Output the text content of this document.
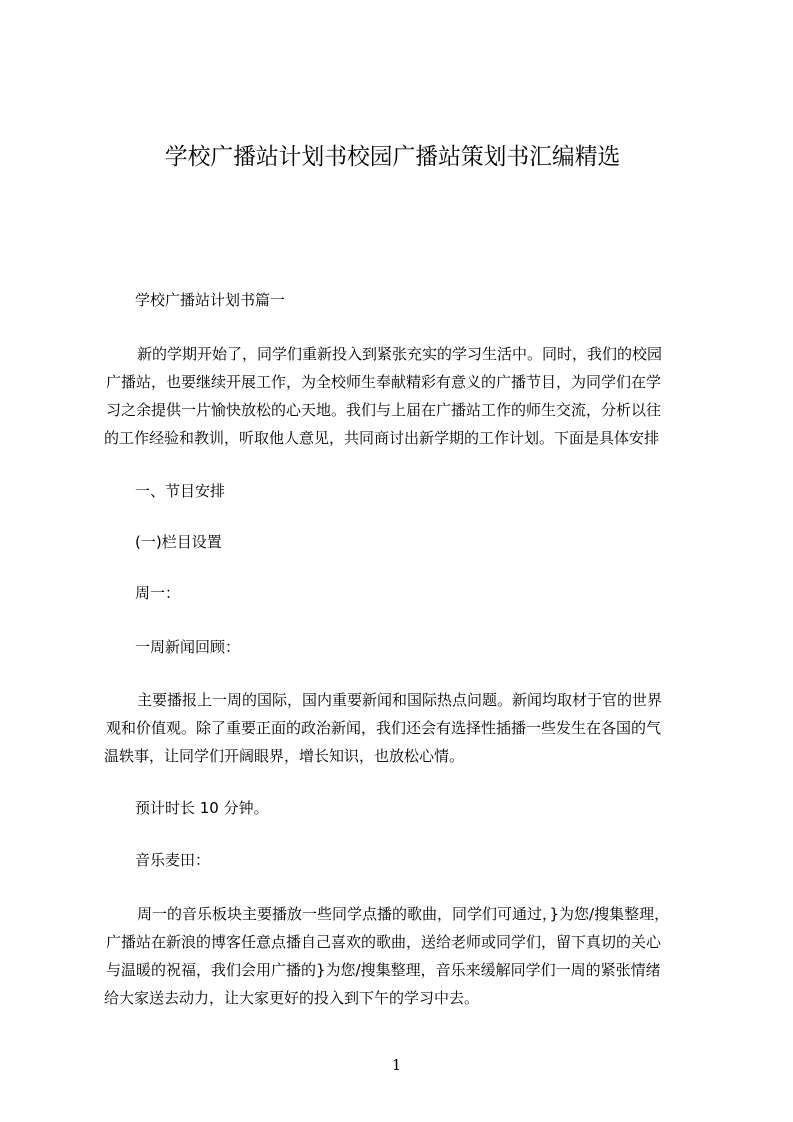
学校广播站计划书校园广播站策划书汇编精选

学校广播站计划书篇一

新的学期开始了，同学们重新投入到紧张充实的学习生活中。同时，我们的校园

广播站，也要继续开展工作，为全校师生奉献精彩有意义的广播节目，为同学们在学

习之余提供一片愉快放松的心天地。我们与上届在广播站工作的师生交流，分析以往

的工作经验和教训，听取他人意见，共同商讨出新学期的工作计划。下面是具体安排

一、节目安排

(一)栏目设置

周一：

一周新闻回顾：

主要播报上一周的国际，国内重要新闻和国际热点问题。新闻均取材于官的世界

观和价值观。除了重要正面的政治新闻，我们还会有选择性插播一些发生在各国的气

温轶事，让同学们开阔眼界，增长知识，也放松心情。

预计时长 10 分钟。

音乐麦田：

周一的音乐板块主要播放一些同学点播的歌曲，同学们可通过，}为您/搜集整理，

广播站在新浪的博客任意点播自己喜欢的歌曲，送给老师或同学们，留下真切的关心

与温暖的祝福，我们会用广播的}为您/搜集整理，音乐来缓解同学们一周的紧张情绪

给大家送去动力，让大家更好的投入到下午的学习中去。

1
